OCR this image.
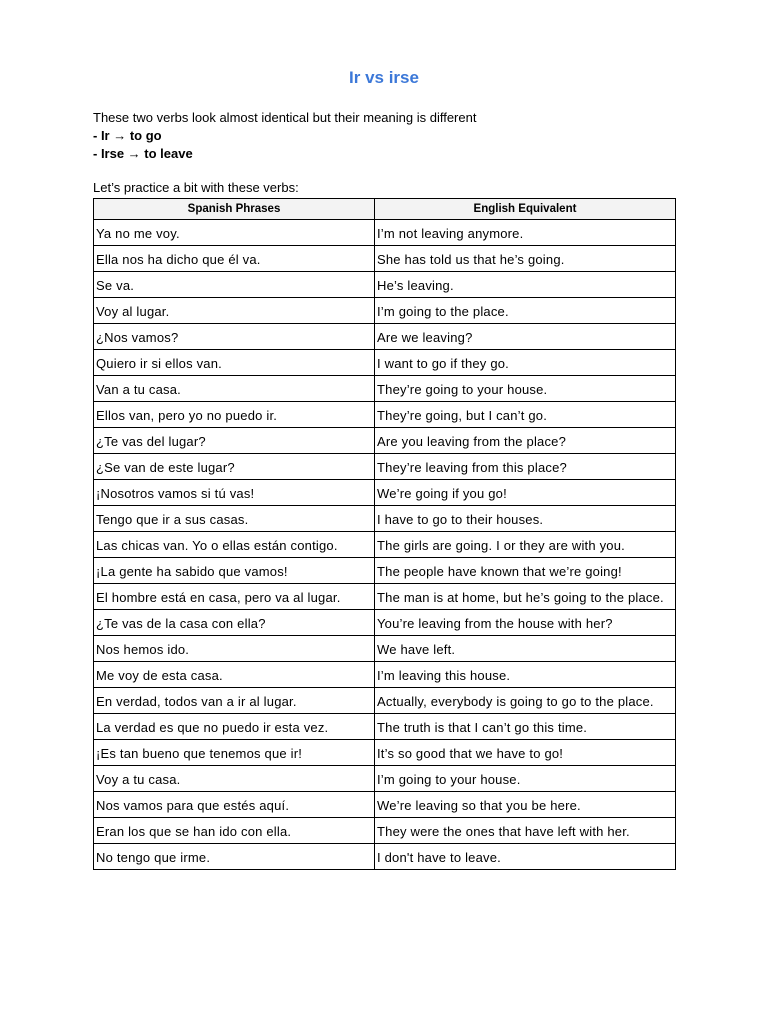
Ir vs irse
These two verbs look almost identical but their meaning is different
- Ir → to go
- Irse → to leave
Let’s practice a bit with these verbs:
Spanish Phrases	English Equivalent
Ya no me voy.	I’m not leaving anymore.
Ella nos ha dicho que él va.	She has told us that he’s going.
Se va.	He’s leaving.
Voy al lugar.	I’m going to the place.
¿Nos vamos?	Are we leaving?
Quiero ir si ellos van.	I want to go if they go.
Van a tu casa.	They’re going to your house.
Ellos van, pero yo no puedo ir.	They’re going, but I can’t go.
¿Te vas del lugar?	Are you leaving from the place?
¿Se van de este lugar?	They’re leaving from this place?
¡Nosotros vamos si tú vas!	We’re going if you go!
Tengo que ir a sus casas.	I have to go to their houses.
Las chicas van. Yo o ellas están contigo.	The girls are going. I or they are with you.
¡La gente ha sabido que vamos!	The people have known that we’re going!
El hombre está en casa, pero va al lugar.	The man is at home, but he’s going to the place.
¿Te vas de la casa con ella?	You’re leaving from the house with her?
Nos hemos ido.	We have left.
Me voy de esta casa.	I’m leaving this house.
En verdad, todos van a ir al lugar.	Actually, everybody is going to go to the place.
La verdad es que no puedo ir esta vez.	The truth is that I can’t go this time.
¡Es tan bueno que tenemos que ir!	It’s so good that we have to go!
Voy a tu casa.	I’m going to your house.
Nos vamos para que estés aquí.	We’re leaving so that you be here.
Eran los que se han ido con ella.	They were the ones that have left with her.
No tengo que irme.	I don't have to leave.
